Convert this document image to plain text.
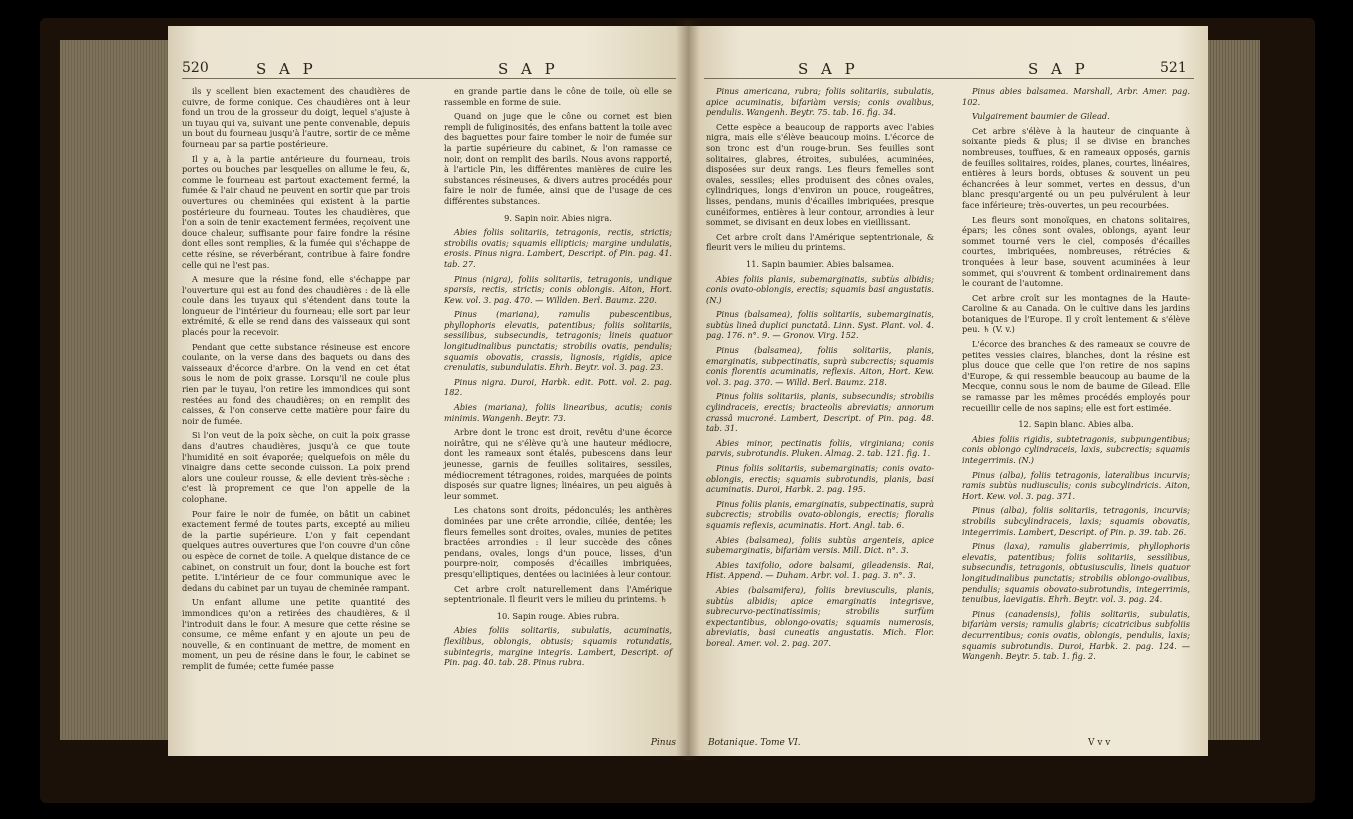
520	S A P	S A P

ils y scellent bien exactement des chaudières de cuivre, de forme conique. Ces chaudières ont à leur fond un trou de la grosseur du doigt, lequel s'ajuste à un tuyau qui va, suivant une pente convenable, depuis un bout du fourneau jusqu'à l'autre, sortir de ce même fourneau par sa partie postérieure.

Il y a, à la partie antérieure du fourneau, trois portes ou bouches par lesquelles on allume le feu, &, comme le fourneau est partout exactement fermé, la fumée & l'air chaud ne peuvent en sortir que par trois ouvertures ou cheminées qui existent à la partie postérieure du fourneau. Toutes les chaudières, que l'on a soin de tenir exactement fermées, reçoivent une douce chaleur, suffisante pour faire fondre la résine dont elles sont remplies, & la fumée qui s'échappe de cette résine, se réverbérant, contribue à faire fondre celle qui ne l'est pas.

A mesure que la résine fond, elle s'échappe par l'ouverture qui est au fond des chaudières : de là elle coule dans les tuyaux qui s'étendent dans toute la longueur de l'intérieur du fourneau; elle sort par leur extrémité, & elle se rend dans des vaisseaux qui sont placés pour la recevoir.

Pendant que cette substance résineuse est encore coulante, on la verse dans des baquets ou dans des vaisseaux d'écorce d'arbre. On la vend en cet état sous le nom de poix grasse. Lorsqu'il ne coule plus rien par le tuyau, l'on retire les immondices qui sont restées au fond des chaudières; on en remplit des caisses, & l'on conserve cette matière pour faire du noir de fumée.

Si l'on veut de la poix sèche, on cuit la poix grasse dans d'autres chaudières, jusqu'à ce que toute l'humidité en soit évaporée; quelquefois on mêle du vinaigre dans cette seconde cuisson. La poix prend alors une couleur rousse, & elle devient très-sèche : c'est là proprement ce que l'on appelle de la colophane.

Pour faire le noir de fumée, on bâtit un cabinet exactement fermé de toutes parts, excepté au milieu de la partie supérieure. L'on y fait cependant quelques autres ouvertures que l'on couvre d'un cône ou espèce de cornet de toile. A quelque distance de ce cabinet, on construit un four, dont la bouche est fort petite. L'intérieur de ce four communique avec le dedans du cabinet par un tuyau de cheminée rampant.

Un enfant allume une petite quantité des immondices qu'on a retirées des chaudières, & il l'introduit dans le four. A mesure que cette résine se consume, ce même enfant y en ajoute un peu de nouvelle, & en continuant de mettre, de moment en moment, un peu de résine dans le four, le cabinet se remplit de fumée; cette fumée passe

en grande partie dans le cône de toile, où elle se rassemble en forme de suie.

Quand on juge que le cône ou cornet est bien rempli de fuliginosités, des enfans battent la toile avec des baguettes pour faire tomber le noir de fumée sur la partie supérieure du cabinet, & l'on ramasse ce noir, dont on remplit des barils. Nous avons rapporté, à l'article Pin, les différentes manières de cuire les substances résineuses, & divers autres procédés pour faire le noir de fumée, ainsi que de l'usage de ces différentes substances.

9. Sapin noir. Abies nigra.

Abies foliis solitariis, tetragonis, rectis, strictis; strobilis ovatis; squamis ellipticis; margine undulatis, erosis. Pinus nigra. Lambert, Descript. of Pin. pag. 41. tab. 27.

Pinus (nigra), foliis solitariis, tetragonis, undique sparsis, rectis, strictis; conis oblongis. Aiton, Hort. Kew. vol. 3. pag. 470. — Willden. Berl. Baumz. 220.

Pinus (mariana), ramulis pubescentibus, phyllophoris elevatis, patentibus; foliis solitariis, sessilibus, subsecundis, tetragonis; lineis quatuor longitudinalibus punctatis; strobilis ovatis, pendulis; squamis obovatis, crassis, lignosis, rigidis, apice crenulatis, subundulatis. Ehrh. Beytr. vol. 3. pag. 23.

Pinus nigra. Duroi, Harbk. edit. Pott. vol. 2. pag. 182.

Abies (mariana), foliis linearibus, acutis; conis minimis. Wangenh. Beytr. 73.

Arbre dont le tronc est droit, revêtu d'une écorce noirâtre, qui ne s'élève qu'à une hauteur médiocre, dont les rameaux sont étalés, pubescens dans leur jeunesse, garnis de feuilles solitaires, sessiles, médiocrement tétragones, roides, marquées de points disposés sur quatre lignes; linéaires, un peu aiguës à leur sommet.

Les chatons sont droits, pédonculés; les anthères dominées par une crête arrondie, ciliée, dentée; les fleurs femelles sont droites, ovales, munies de petites bractées arrondies : il leur succède des cônes pendans, ovales, longs d'un pouce, lisses, d'un pourpre-noir, composés d'écailles imbriquées, presqu'elliptiques, dentées ou laciniées à leur contour.

Cet arbre croît naturellement dans l'Amérique septentrionale. Il fleurit vers le milieu du printems. ♄

10. Sapin rouge. Abies rubra.

Abies foliis solitariis, subulatis, acuminatis, flexilibus, oblongis, obtusis; squamis rotundatis, subintegris, margine integris. Lambert, Descript. of Pin. pag. 40. tab. 28. Pinus rubra.

Pinus
S A P	S A P	521

Pinus americana, rubra; foliis solitariis, subulatis, apice acuminatis, bifariàm versis; conis ovalibus, pendulis. Wangenh. Beytr. 75. tab. 16. fig. 34.

Cette espèce a beaucoup de rapports avec l'abies nigra, mais elle s'élève beaucoup moins. L'écorce de son tronc est d'un rouge-brun. Ses feuilles sont solitaires, glabres, étroites, subulées, acuminées, disposées sur deux rangs. Les fleurs femelles sont ovales, sessiles; elles produisent des cônes ovales, cylindriques, longs d'environ un pouce, rougeâtres, lisses, pendans, munis d'écailles imbriquées, presque cunéiformes, entières à leur contour, arrondies à leur sommet, se divisant en deux lobes en vieillissant.

Cet arbre croît dans l'Amérique septentrionale, & fleurit vers le milieu du printems.

11. Sapin baumier. Abies balsamea.

Abies foliis planis, subemarginatis, subtùs albidis; conis ovato-oblongis, erectis; squamis basi angustatis. (N.)

Pinus (balsamea), foliis solitariis, subemarginatis, subtùs lineâ duplici punctatâ. Linn. Syst. Plant. vol. 4. pag. 176. n°. 9. — Gronov. Virg. 152.

Pinus (balsamea), foliis solitariis, planis, emarginatis, subpectinatis, suprà subcrectis; squamis conis florentis acuminatis, reflexis. Aiton, Hort. Kew. vol. 3. pag. 370. — Willd. Berl. Baumz. 218.

Pinus foliis solitariis, planis, subsecundis; strobilis cylindraceis, erectis; bracteolis abreviatis; annorum crassâ mucroné. Lambert, Descript. of Pin. pag. 48. tab. 31.

Abies minor, pectinatis foliis, virginiana; conis parvis, subrotundis. Pluken. Almag. 2. tab. 121. fig. 1.

Pinus foliis solitariis, subemarginatis; conis ovato-oblongis, erectis; squamis subrotundis, planis, basi acuminatis. Duroi, Harbk. 2. pag. 195.

Pinus foliis planis, emarginatis, subpectinatis, suprà subcrectis; strobilis ovato-oblongis, erectis; floralis squamis reflexis, acuminatis. Hort. Angl. tab. 6.

Abies (balsamea), foliis subtùs argenteis, apice subemarginatis, bifariàm versis. Mill. Dict. n°. 3.

Abies taxifolio, odore balsami, gileadensis. Rai, Hist. Append. — Duham. Arbr. vol. 1. pag. 3. n°. 3.

Abies (balsamifera), foliis breviusculis, planis, subtùs albidis; apice emarginatis integrisve, subrecurvo-pectinatissimis; strobilis surfùm expectantibus, oblongo-ovatis; squamis numerosis, abreviatis, basi cuneatis angustatis. Mich. Flor. boreal. Amer. vol. 2. pag. 207.

Pinus abies balsamea. Marshall, Arbr. Amer. pag. 102.

Vulgairement baumier de Gilead.

Cet arbre s'élève à la hauteur de cinquante à soixante pieds & plus; il se divise en branches nombreuses, touffues, & en rameaux opposés, garnis de feuilles solitaires, roides, planes, courtes, linéaires, entières à leurs bords, obtuses & souvent un peu échancrées à leur sommet, vertes en dessus, d'un blanc presqu'argenté ou un peu pulvérulent à leur face inférieure; très-ouvertes, un peu recourbées.

Les fleurs sont monoïques, en chatons solitaires, épars; les cônes sont ovales, oblongs, ayant leur sommet tourné vers le ciel, composés d'écailles courtes, imbriquées, nombreuses, rétrécies & tronquées à leur base, souvent acuminées à leur sommet, qui s'ouvrent & tombent ordinairement dans le courant de l'automne.

Cet arbre croît sur les montagnes de la Haute-Caroline & au Canada. On le cultive dans les jardins botaniques de l'Europe. Il y croît lentement & s'élève peu. ♄ (V. v.)

L'écorce des branches & des rameaux se couvre de petites vessies claires, blanches, dont la résine est plus douce que celle que l'on retire de nos sapins d'Europe, & qui ressemble beaucoup au baume de la Mecque, connu sous le nom de baume de Gilead. Elle se ramasse par les mêmes procédés employés pour recueillir celle de nos sapins; elle est fort estimée.

12. Sapin blanc. Abies alba.

Abies foliis rigidis, subtetragonis, subpungentibus; conis oblongo cylindraceis, laxis, subcrectis; squamis integerrimis. (N.)

Pinus (alba), foliis tetragonis, lateralibus incurvis; ramis subtùs nudiusculis; conis subcylindricis. Aiton, Hort. Kew. vol. 3. pag. 371.

Pinus (alba), foliis solitariis, tetragonis, incurvis; strobilis subcylindraceis, laxis; squamis obovatis, integerrimis. Lambert, Descript. of Pin. p. 39. tab. 26.

Pinus (laxa), ramulis glaberrimis, phyllophoris elevatis, patentibus; foliis solitariis, sessilibus, subsecundis, tetragonis, obtusiusculis, lineis quatuor longitudinalibus punctatis; strobilis oblongo-ovalibus, pendulis; squamis obovato-subrotundis, integerrimis, tenuibus, laevigatis. Ehrh. Beytr. vol. 3. pag. 24.

Pinus (canadensis), foliis solitariis, subulatis, bifariàm versis; ramulis glabris; cicatricibus subfoliis decurrentibus; conis ovatis, oblongis, pendulis, laxis; squamis subrotundis. Duroi, Harbk. 2. pag. 124. — Wangenh. Beytr. 5. tab. 1. fig. 2.

Botanique. Tome VI.	V v v
